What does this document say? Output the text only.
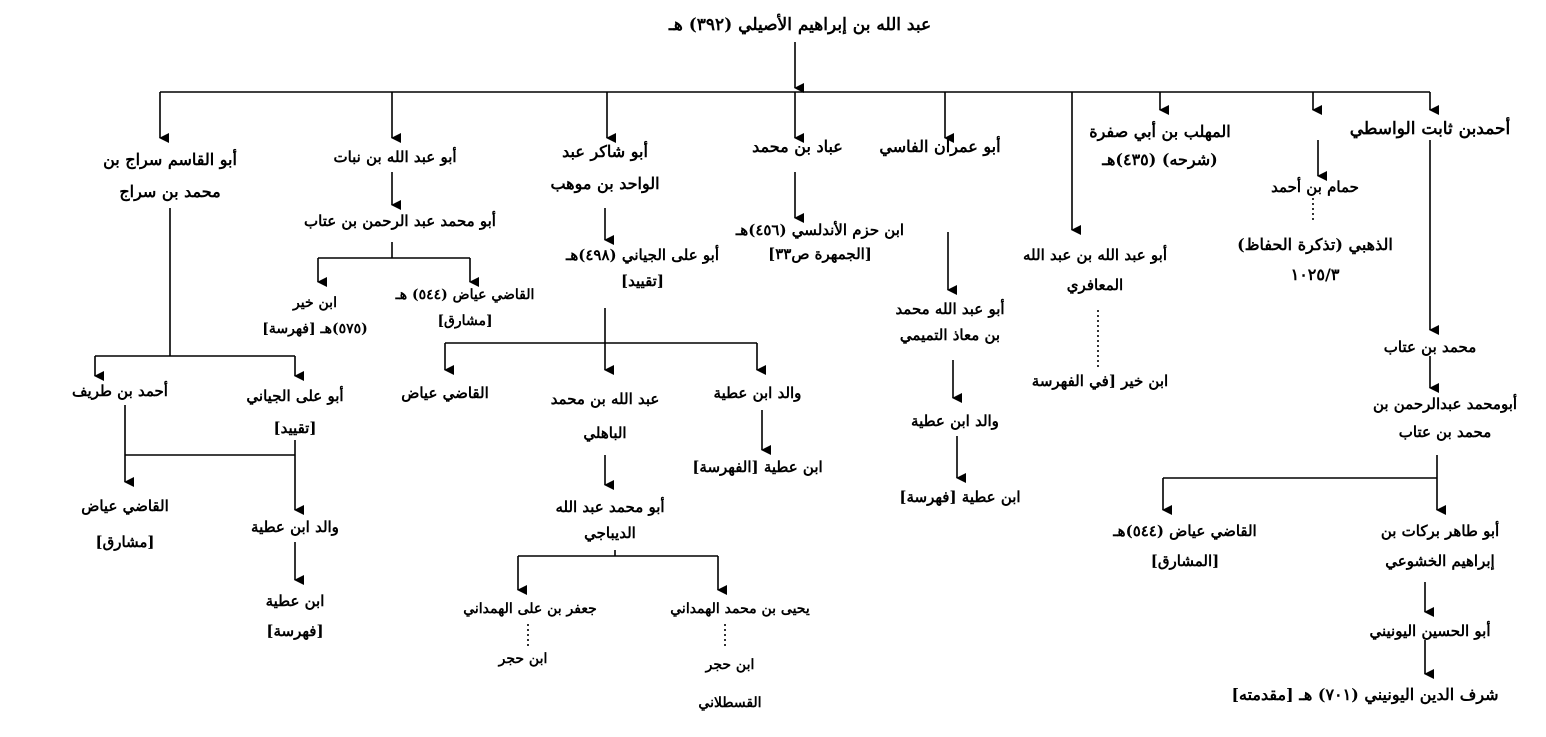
عبد الله بن إبراهيم الأصيلي (٣٩٢) هـ
أحمدبن ثابت الواسطي
حمام بن أحمد
الذهبي (تذكرة الحفاظ)
١٠٢٥/٣
المهلب بن أبي صفرة
(شرحه) (٤٣٥)هـ
أبو عبد الله بن عبد الله
المعافري
ابن خير [في الفهرسة
أبو عمران الفاسي
أبو عبد الله محمد
بن معاذ التميمي
والد ابن عطية
ابن عطية [فهرسة]
عباد بن محمد
ابن حزم الأندلسي (٤٥٦)هـ
[الجمهرة ص٣٣]
أبو شاكر عبد
الواحد بن موهب
أبو على الجياني (٤٩٨)هـ
[تقييد]
والد ابن عطية
ابن عطية [الفهرسة]
عبد الله بن محمد
الباهلي
أبو محمد عبد الله
الديباجي
يحيى بن محمد الهمداني
جعفر بن على الهمداني
ابن حجر
القسطلاني
ابن حجر
القاضي عياض
أبو عبد الله بن نبات
أبو محمد عبد الرحمن بن عتاب
القاضي عياض (٥٤٤) هـ
[مشارق]
ابن خير
(٥٧٥)هـ [فهرسة]
أبو القاسم سراج بن
محمد بن سراج
أبو على الجياني
[تقييد]
أحمد بن طريف
والد ابن عطية
ابن عطية
[فهرسة]
القاضي عياض
[مشارق]
محمد بن عتاب
أبومحمد عبدالرحمن بن
محمد بن عتاب
أبو طاهر بركات بن
إبراهيم الخشوعي
القاضي عياض (٥٤٤)هـ
[المشارق]
أبو الحسين اليونيني
شرف الدين اليونيني (٧٠١) هـ [مقدمته]
